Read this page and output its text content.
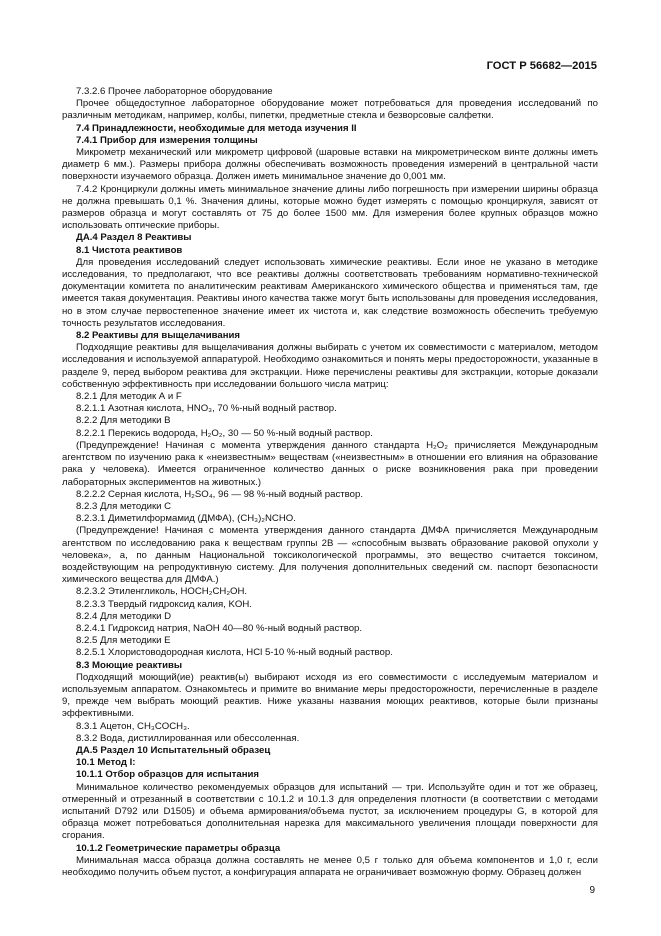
ГОСТ Р 56682—2015

7.3.2.6 Прочее лабораторное оборудование

Прочее общедоступное лабораторное оборудование может потребоваться для проведения исследований по различным методикам, например, колбы, пипетки, предметные стекла и безворсовые салфетки.

7.4 Принадлежности, необходимые для метода изучения II

7.4.1 Прибор для измерения толщины

Микрометр механический или микрометр цифровой (шаровые вставки на микрометрическом винте должны иметь диаметр 6 мм.). Размеры прибора должны обеспечивать возможность проведения измерений в центральной части поверхности изучаемого образца. Должен иметь минимальное значение до 0,001 мм.

7.4.2 Кронциркули должны иметь минимальное значение длины либо погрешность при измерении ширины образца не должна превышать 0,1 %. Значения длины, которые можно будет измерять с помощью кронциркуля, зависят от размеров образца и могут составлять от 75 до более 1500 мм. Для измерения более крупных образцов можно использовать оптические приборы.

ДА.4 Раздел 8 Реактивы

8.1 Чистота реактивов

Для проведения исследований следует использовать химические реактивы. Если иное не указано в методике исследования, то предполагают, что все реактивы должны соответствовать требованиям нормативно-технической документации комитета по аналитическим реактивам Американского химического общества и применяться там, где имеется такая документация. Реактивы иного качества также могут быть использованы для проведения исследования, но в этом случае первостепенное значение имеет их чистота и, как следствие возможность обеспечить требуемую точность результатов исследования.

8.2 Реактивы для выщелачивания

Подходящие реактивы для выщелачивания должны выбирать с учетом их совместимости с материалом, методом исследования и используемой аппаратурой. Необходимо ознакомиться и понять меры предосторожности, указанные в разделе 9, перед выбором реактива для экстракции. Ниже перечислены реактивы для экстракции, которые доказали собственную эффективность при исследовании большого числа матриц:

8.2.1 Для методик А и F

8.2.1.1 Азотная кислота, HNO₃, 70 %-ный водный раствор.

8.2.2 Для методики В

8.2.2.1 Перекись водорода, H₂O₂, 30 — 50 %-ный водный раствор.

(Предупреждение! Начиная с момента утверждения данного стандарта H₂O₂ причисляется Международным агентством по изучению рака к «неизвестным» веществам («неизвестным» в отношении его влияния на образование рака у человека). Имеется ограниченное количество данных о риске возникновения рака при проведении лабораторных экспериментов на животных.)

8.2.2.2 Серная кислота, H₂SO₄, 96 — 98 %-ный водный раствор.

8.2.3 Для методики С

8.2.3.1 Диметилформамид (ДМФА), (CH₃)₂NCHO.

(Предупреждение! Начиная с момента утверждения данного стандарта ДМФА причисляется Международным агентством по исследованию рака к веществам группы 2В — «способным вызвать образование раковой опухоли у человека», а, по данным Национальной токсикологической программы, это вещество считается токсином, воздействующим на репродуктивную систему. Для получения дополнительных сведений см. паспорт безопасности химического вещества для ДМФА.)

8.2.3.2 Этиленгликоль, HOCH₂CH₂OH.

8.2.3.3 Твердый гидроксид калия, KOH.

8.2.4 Для методики D

8.2.4.1 Гидроксид натрия, NaOH 40—80 %-ный водный раствор.

8.2.5 Для методики E

8.2.5.1 Хлористоводородная кислота, HCl 5-10 %-ный водный раствор.

8.3 Моющие реактивы

Подходящий моющий(ие) реактив(ы) выбирают исходя из его совместимости с исследуемым материалом и используемым аппаратом. Ознакомьтесь и примите во внимание меры предосторожности, перечисленные в разделе 9, прежде чем выбрать моющий реактив. Ниже указаны названия моющих реактивов, которые были признаны эффективными.

8.3.1 Ацетон, CH₃COCH₃.

8.3.2 Вода, дистиллированная или обессоленная.

ДА.5 Раздел 10 Испытательный образец

10.1 Метод I:

10.1.1 Отбор образцов для испытания

Минимальное количество рекомендуемых образцов для испытаний — три. Используйте один и тот же образец, отмеренный и отрезанный в соответствии с 10.1.2 и 10.1.3 для определения плотности (в соответствии с методами испытаний D792 или D1505) и объема армирования/объема пустот, за исключением процедуры G, в которой для образца может потребоваться дополнительная нарезка для максимального увеличения площади поверхности для сгорания.

10.1.2 Геометрические параметры образца

Минимальная масса образца должна составлять не менее 0,5 г только для объема компонентов и 1,0 г, если необходимо получить объем пустот, а конфигурация аппарата не ограничивает возможную форму. Образец должен

9
